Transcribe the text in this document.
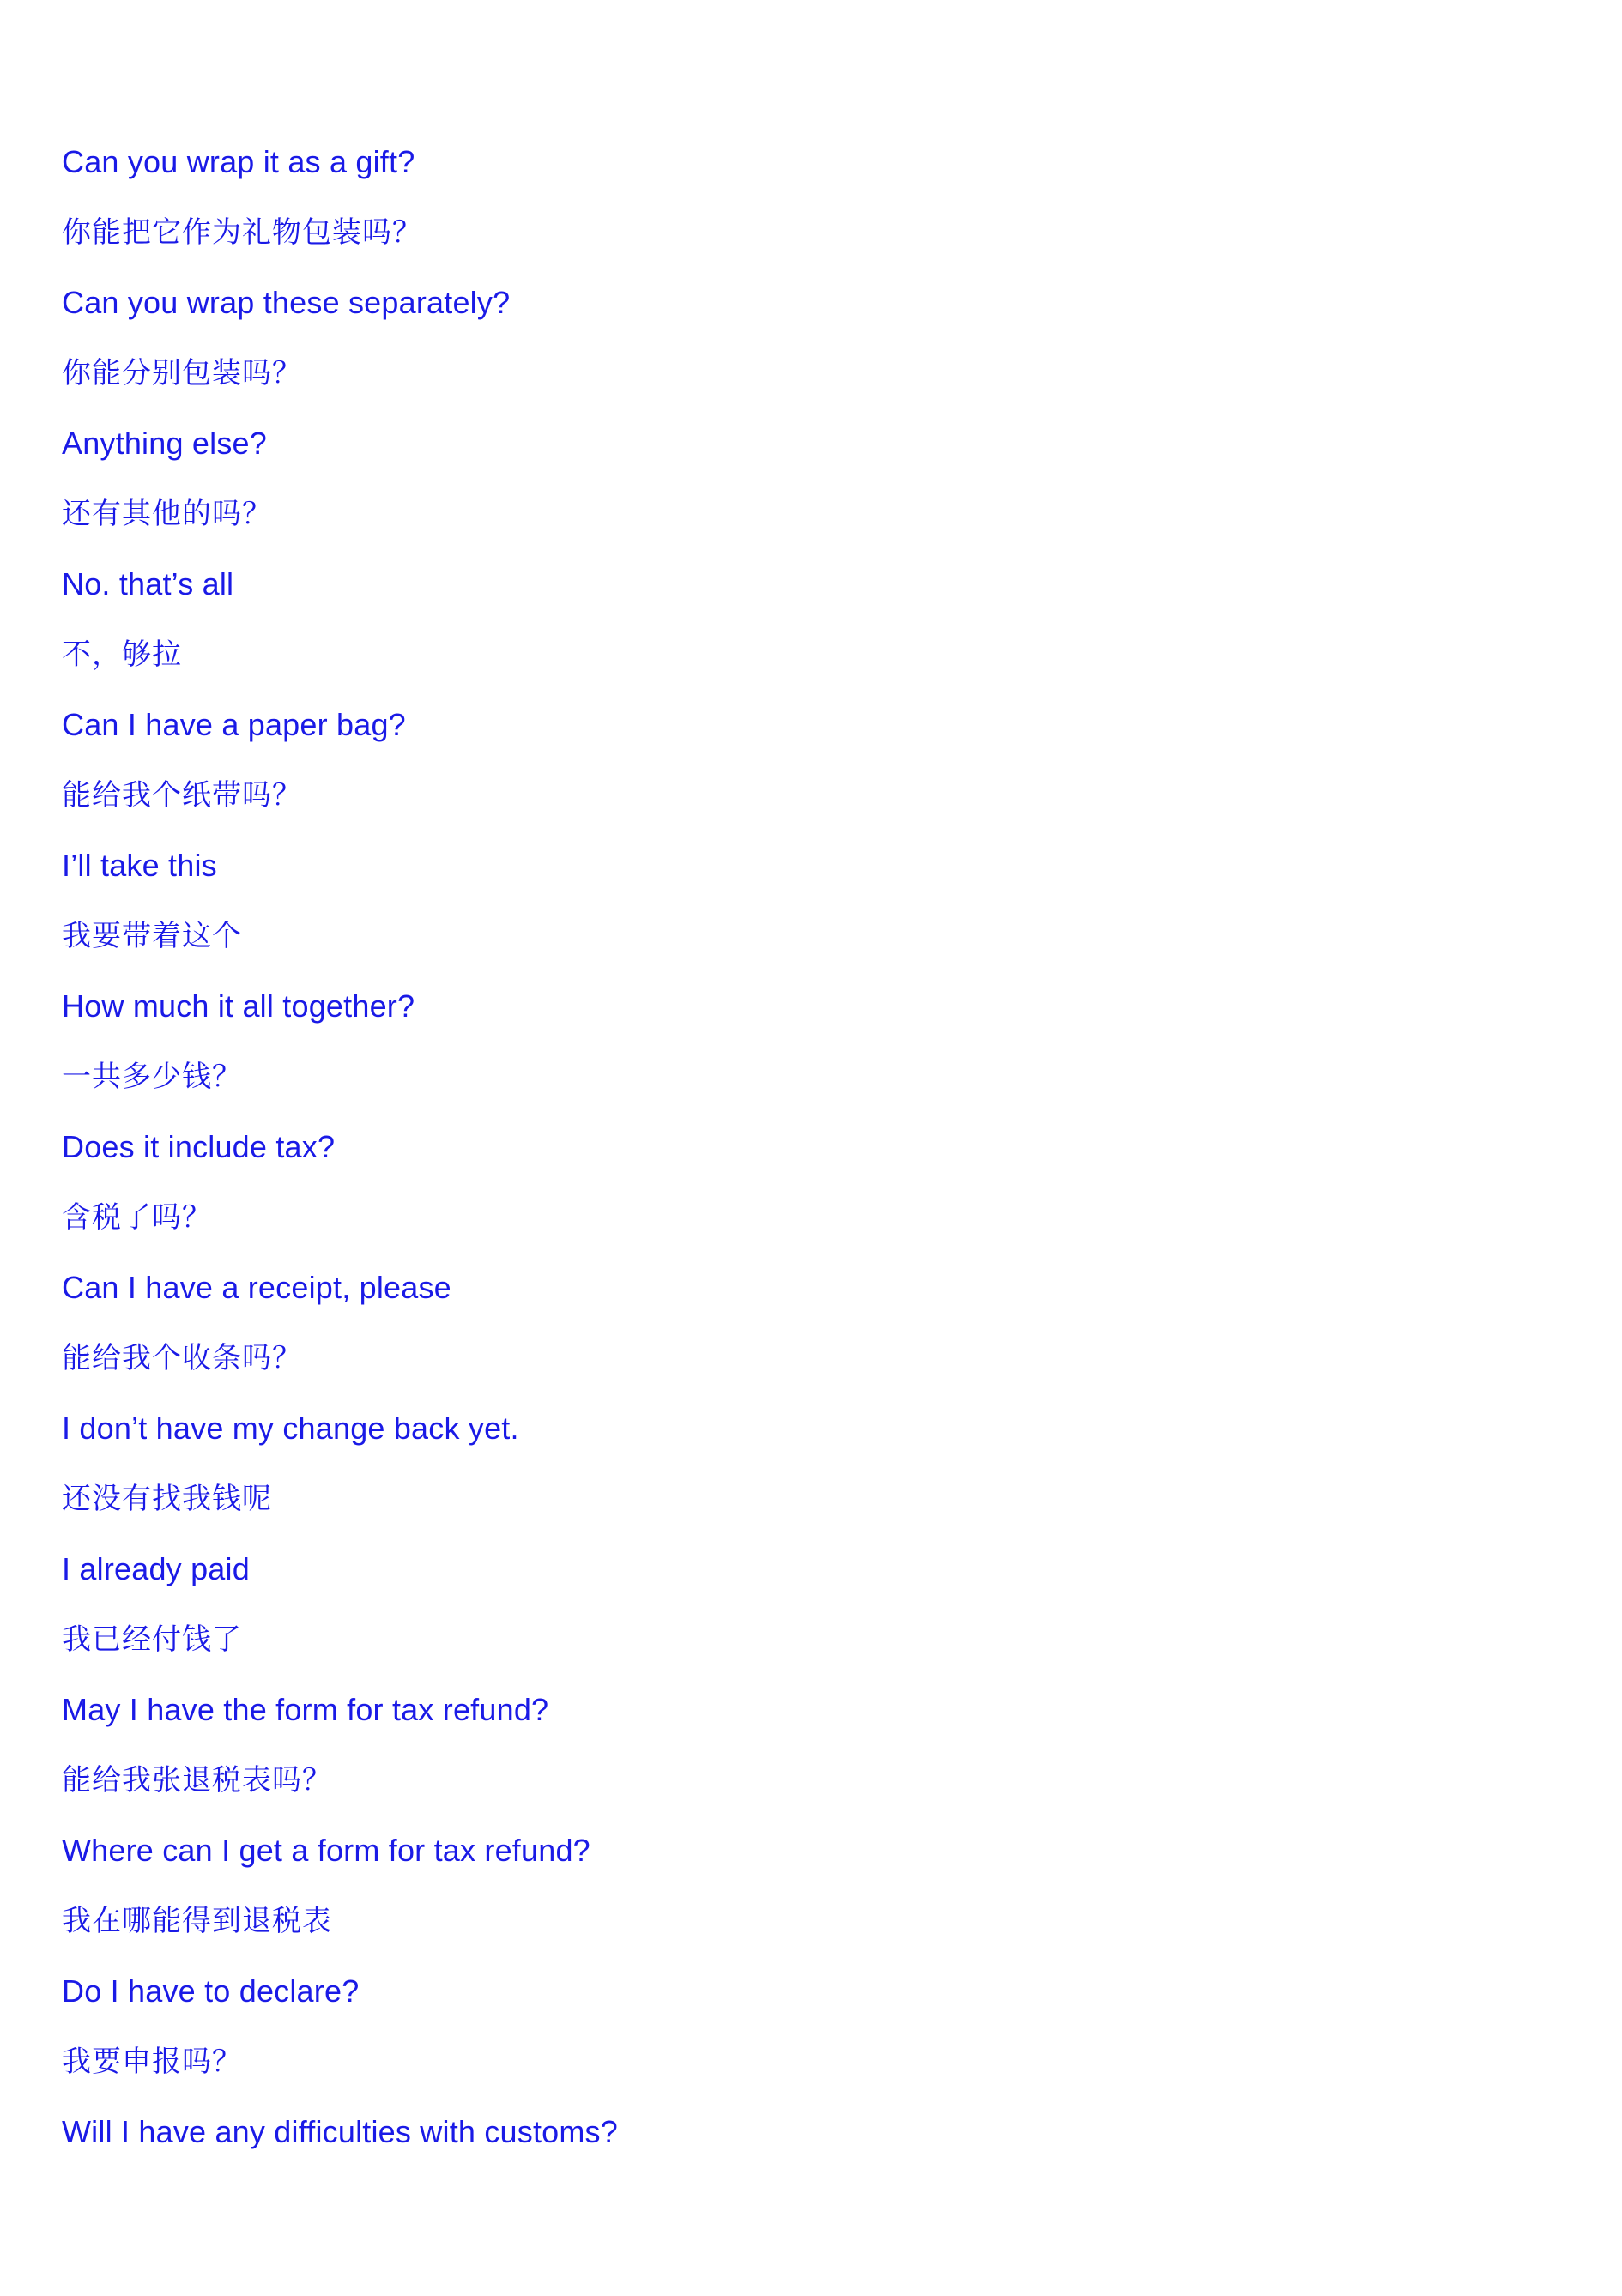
Can you wrap it as a gift?
你能把它作为礼物包装吗？
Can you wrap these separately?
你能分别包装吗？
Anything else?
还有其他的吗？
No. that’s all
不，够拉
Can I have a paper bag?
能给我个纸带吗？
I’ll take this
我要带着这个
How much it all together?
一共多少钱？
Does it include tax?
含税了吗？
Can I have a receipt, please
能给我个收条吗？
I don’t have my change back yet.
还没有找我钱呢
I already paid
我已经付钱了
May I have the form for tax refund?
能给我张退税表吗？
Where can I get a form for tax refund?
我在哪能得到退税表
Do I have to declare?
我要申报吗？
Will I have any difficulties with customs?
